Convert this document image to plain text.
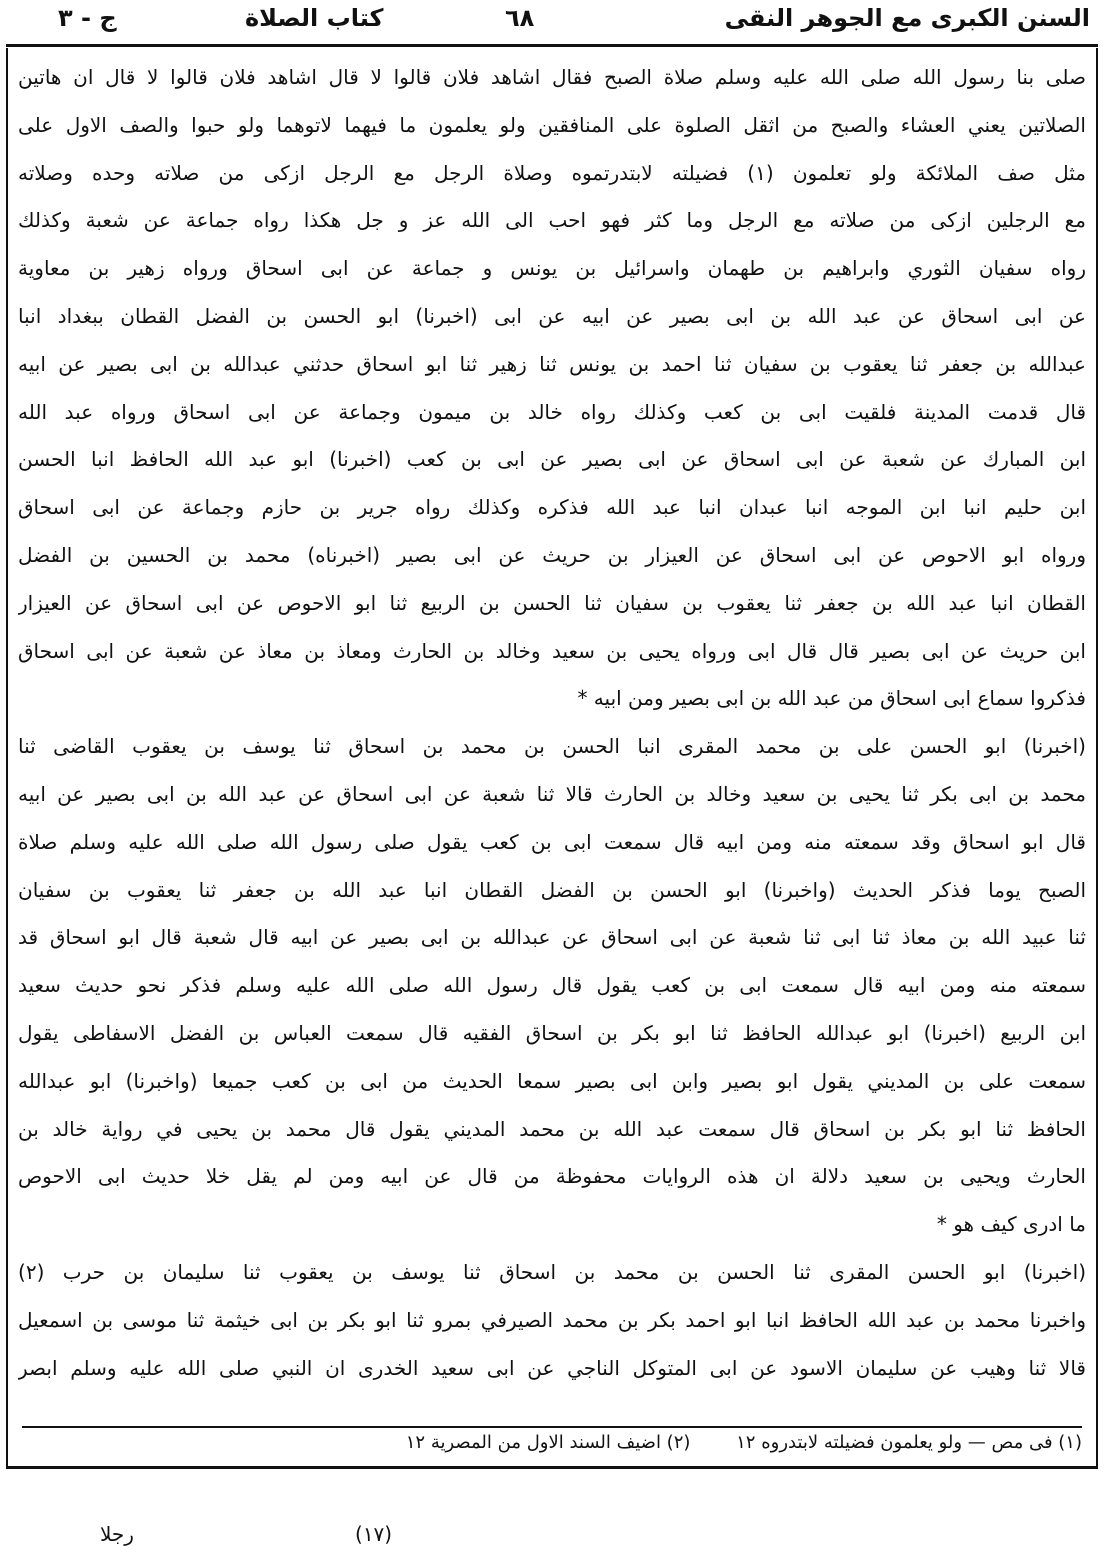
السنن الكبرى مع الجوهر النقى
٦٨
كتاب الصلاة
ج - ٣
صلى بنا رسول الله صلى الله عليه وسلم صلاة الصبح فقال اشاهد فلان قالوا لا قال اشاهد فلان قالوا لا قال ان هاتين
الصلاتين يعني العشاء والصبح من اثقل الصلوة على المنافقين ولو يعلمون ما فيهما لاتوهما ولو حبوا والصف الاول على
مثل صف الملائكة ولو تعلمون (١) فضيلته لابتدرتموه وصلاة الرجل مع الرجل ازكى من صلاته وحده وصلاته
مع الرجلين ازكى من صلاته مع الرجل وما كثر فهو احب الى الله عز و جل هكذا رواه جماعة عن شعبة وكذلك
رواه سفيان الثوري وابراهيم بن طهمان واسرائيل بن يونس و جماعة عن ابى اسحاق ورواه زهير بن معاوية
عن ابى اسحاق عن عبد الله بن ابى بصير عن ابيه عن ابى (اخبرنا) ابو الحسن بن الفضل القطان ببغداد انبا
عبدالله بن جعفر ثنا يعقوب بن سفيان ثنا احمد بن يونس ثنا زهير ثنا ابو اسحاق حدثني عبدالله بن ابى بصير عن ابيه
قال قدمت المدينة فلقيت ابى بن كعب وكذلك رواه خالد بن ميمون وجماعة عن ابى اسحاق ورواه عبد الله
ابن المبارك عن شعبة عن ابى اسحاق عن ابى بصير عن ابى بن كعب (اخبرنا) ابو عبد الله الحافظ انبا الحسن
ابن حليم انبا ابن الموجه انبا عبدان انبا عبد الله فذكره وكذلك رواه جرير بن حازم وجماعة عن ابى اسحاق
ورواه ابو الاحوص عن ابى اسحاق عن العيزار بن حريث عن ابى بصير (اخبرناه) محمد بن الحسين بن الفضل
القطان انبا عبد الله بن جعفر ثنا يعقوب بن سفيان ثنا الحسن بن الربيع ثنا ابو الاحوص عن ابى اسحاق عن العيزار
ابن حريث عن ابى بصير قال قال ابى ورواه يحيى بن سعيد وخالد بن الحارث ومعاذ بن معاذ عن شعبة عن ابى اسحاق
فذكروا سماع ابى اسحاق من عبد الله بن ابى بصير ومن ابيه *
(اخبرنا) ابو الحسن على بن محمد المقرى انبا الحسن بن محمد بن اسحاق ثنا يوسف بن يعقوب القاضى ثنا
محمد بن ابى بكر ثنا يحيى بن سعيد وخالد بن الحارث قالا ثنا شعبة عن ابى اسحاق عن عبد الله بن ابى بصير عن ابيه
قال ابو اسحاق وقد سمعته منه ومن ابيه قال سمعت ابى بن كعب يقول صلى رسول الله صلى الله عليه وسلم صلاة
الصبح يوما فذكر الحديث (واخبرنا) ابو الحسن بن الفضل القطان انبا عبد الله بن جعفر ثنا يعقوب بن سفيان
ثنا عبيد الله بن معاذ ثنا ابى ثنا شعبة عن ابى اسحاق عن عبدالله بن ابى بصير عن ابيه قال شعبة قال ابو اسحاق قد
سمعته منه ومن ابيه قال سمعت ابى بن كعب يقول قال رسول الله صلى الله عليه وسلم فذكر نحو حديث سعيد
ابن الربيع (اخبرنا) ابو عبدالله الحافظ ثنا ابو بكر بن اسحاق الفقيه قال سمعت العباس بن الفضل الاسفاطى يقول
سمعت على بن المديني يقول ابو بصير وابن ابى بصير سمعا الحديث من ابى بن كعب جميعا (واخبرنا) ابو عبدالله
الحافظ ثنا ابو بكر بن اسحاق قال سمعت عبد الله بن محمد المديني يقول قال محمد بن يحيى في رواية خالد بن
الحارث ويحيى بن سعيد دلالة ان هذه الروايات محفوظة من قال عن ابيه ومن لم يقل خلا حديث ابى الاحوص
ما ادرى كيف هو *
(اخبرنا) ابو الحسن المقرى ثنا الحسن بن محمد بن اسحاق ثنا يوسف بن يعقوب ثنا سليمان بن حرب (٢)
واخبرنا محمد بن عبد الله الحافظ انبا ابو احمد بكر بن محمد الصيرفي بمرو ثنا ابو بكر بن ابى خيثمة ثنا موسى بن اسمعيل
قالا ثنا وهيب عن سليمان الاسود عن ابى المتوكل الناجي عن ابى سعيد الخدرى ان النبي صلى الله عليه وسلم ابصر
(١) فى مص — ولو يعلمون فضيلته لابتدروه ١٢ (٢) اضيف السند الاول من المصرية ١٢
(١٧)
رجلا
